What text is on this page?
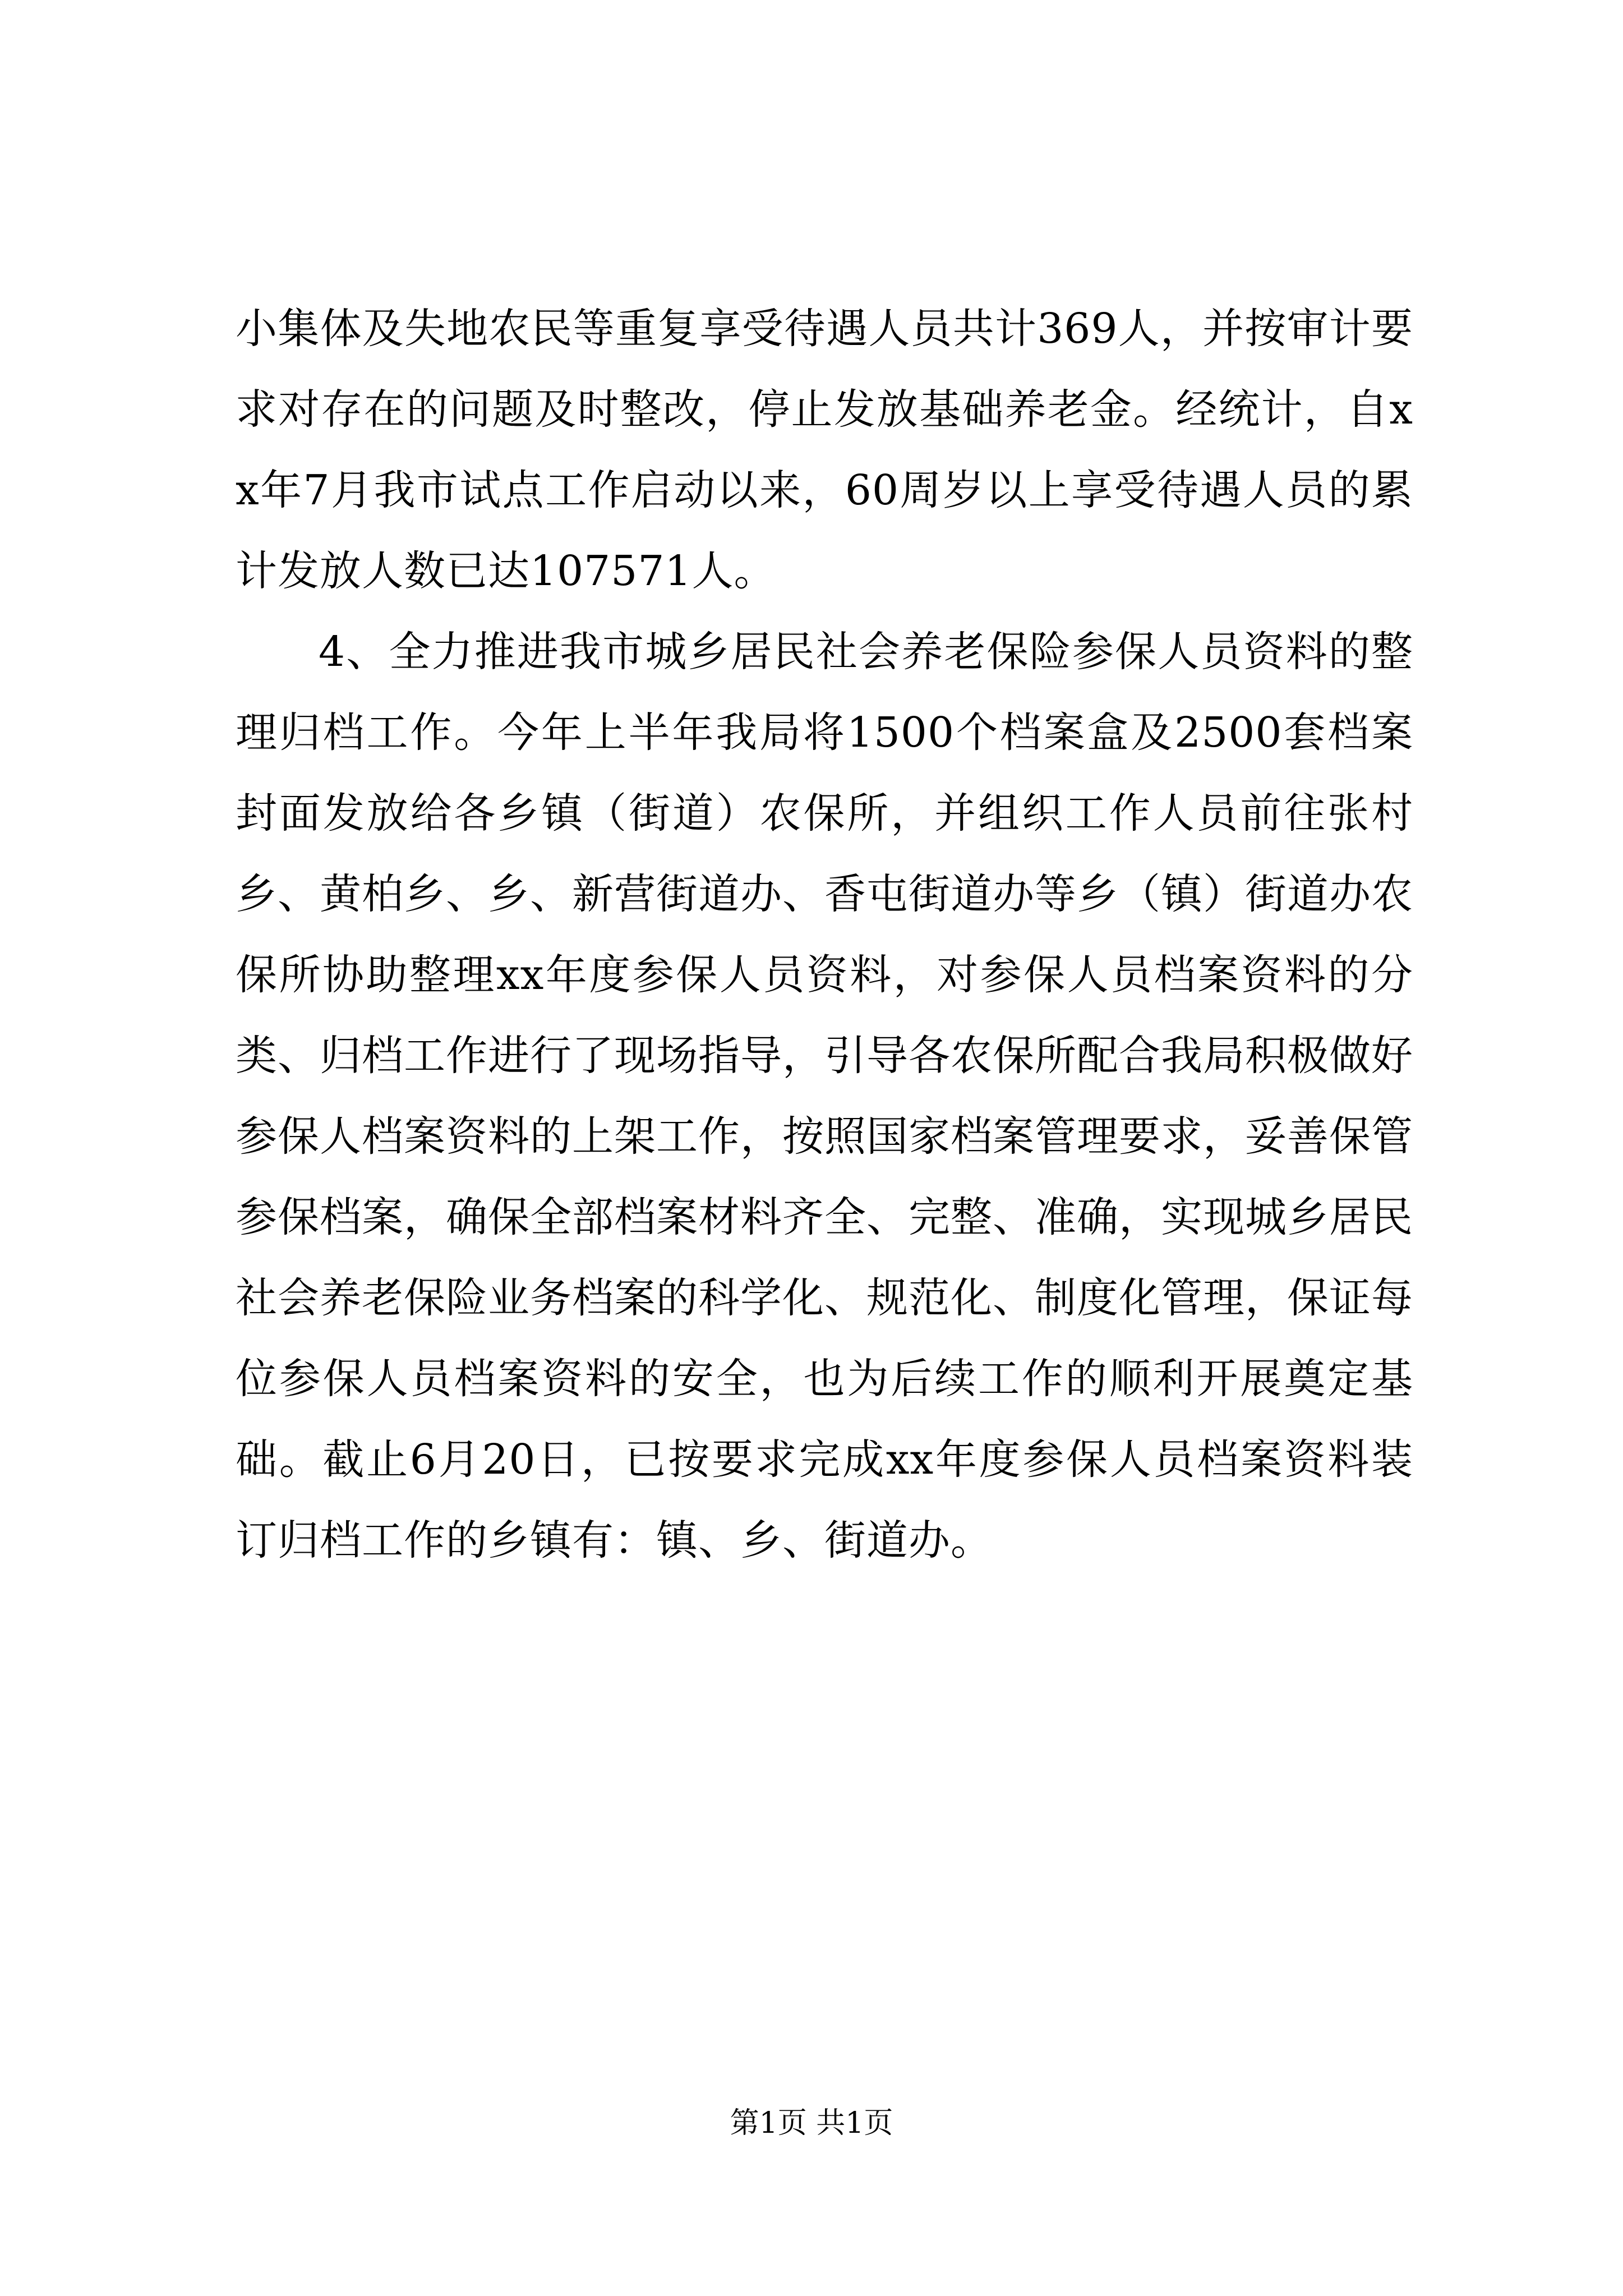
小集体及失地农民等重复享受待遇人员共计369人，并按审计要求对存在的问题及时整改，停止发放基础养老金。经统计，自xx年7月我市试点工作启动以来，60周岁以上享受待遇人员的累计发放人数已达107571人。

4、全力推进我市城乡居民社会养老保险参保人员资料的整理归档工作。今年上半年我局将1500个档案盒及2500套档案封面发放给各乡镇（街道）农保所，并组织工作人员前往张村乡、黄柏乡、乡、新营街道办、香屯街道办等乡（镇）街道办农保所协助整理xx年度参保人员资料，对参保人员档案资料的分类、归档工作进行了现场指导，引导各农保所配合我局积极做好参保人档案资料的上架工作，按照国家档案管理要求，妥善保管参保档案，确保全部档案材料齐全、完整、准确，实现城乡居民社会养老保险业务档案的科学化、规范化、制度化管理，保证每位参保人员档案资料的安全，也为后续工作的顺利开展奠定基础。截止6月20日，已按要求完成xx年度参保人员档案资料装订归档工作的乡镇有：镇、乡、街道办。

第1页 共1页
